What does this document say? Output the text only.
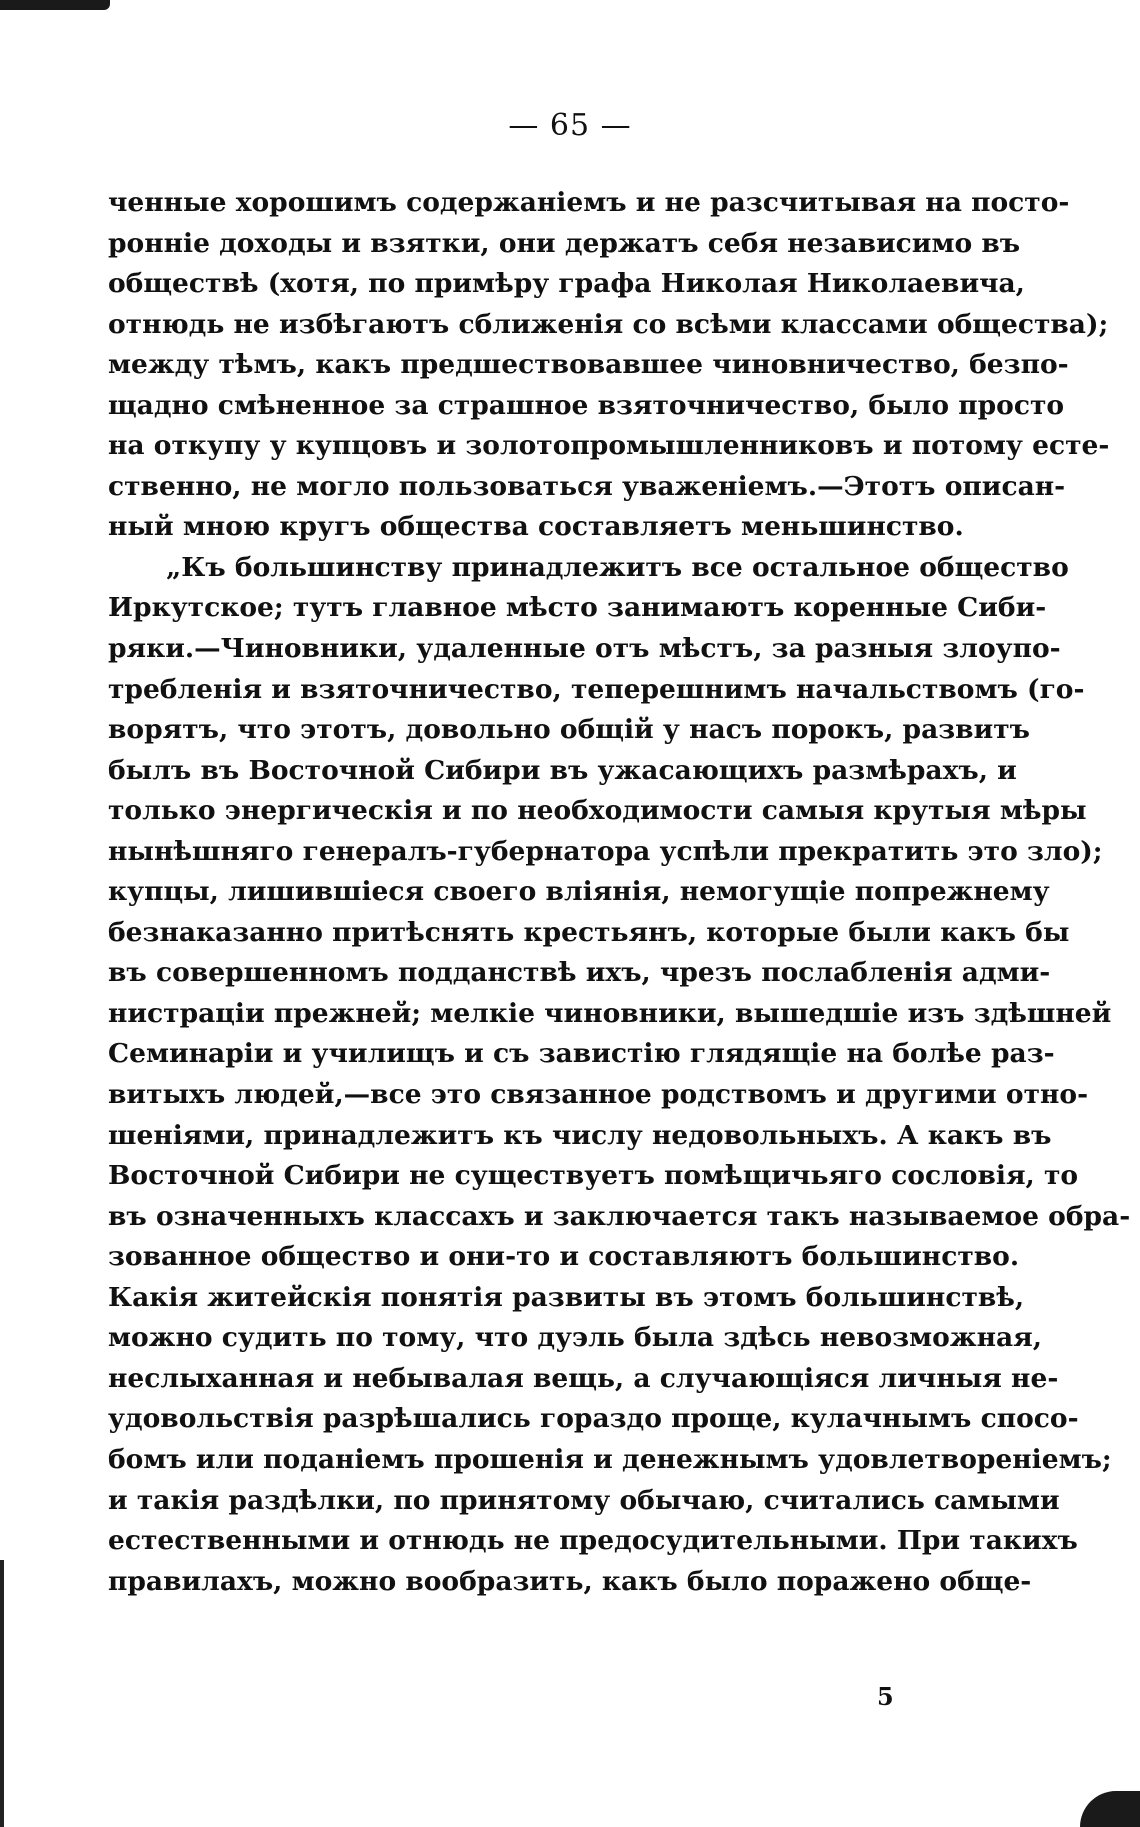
— 65 —
ченные хорошимъ содержаніемъ и не разсчитывая на посто-
ронніе доходы и взятки, они держатъ себя независимо въ
обществѣ (хотя, по примѣру графа Николая Николаевича,
отнюдь не избѣгаютъ сближенія со всѣми классами общества);
между тѣмъ, какъ предшествовавшее чиновничество, безпо-
щадно смѣненное за страшное взяточничество, было просто
на откупу у купцовъ и золотопромышленниковъ и потому есте-
ственно, не могло пользоваться уваженіемъ.—Этотъ описан-
ный мною кругъ общества составляетъ меньшинство.
„Къ большинству принадлежитъ все остальное общество
Иркутское; тутъ главное мѣсто занимаютъ коренные Сиби-
ряки.—Чиновники, удаленные отъ мѣстъ, за разныя злоупо-
требленія и взяточничество, теперешнимъ начальствомъ (го-
ворятъ, что этотъ, довольно общій у насъ порокъ, развитъ
былъ въ Восточной Сибири въ ужасающихъ размѣрахъ, и
только энергическія и по необходимости самыя крутыя мѣры
нынѣшняго генералъ-губернатора успѣли прекратить это зло);
купцы, лишившіеся своего вліянія, немогущіе попрежнему
безнаказанно притѣснять крестьянъ, которые были какъ бы
въ совершенномъ подданствѣ ихъ, чрезъ послабленія адми-
нистраціи прежней; мелкіе чиновники, вышедшіе изъ здѣшней
Семинаріи и училищъ и съ завистію глядящіе на болѣе раз-
витыхъ людей,—все это связанное родствомъ и другими отно-
шеніями, принадлежитъ къ числу недовольныхъ. А какъ въ
Восточной Сибири не существуетъ помѣщичьяго сословія, то
въ означенныхъ классахъ и заключается такъ называемое обра-
зованное общество и они-то и составляютъ большинство.
Какія житейскія понятія развиты въ этомъ большинствѣ,
можно судить по тому, что дуэль была здѣсь невозможная,
неслыханная и небывалая вещь, а случающіяся личныя не-
удовольствія разрѣшались гораздо проще, кулачнымъ спосо-
бомъ или поданіемъ прошенія и денежнымъ удовлетвореніемъ;
и такія раздѣлки, по принятому обычаю, считались самыми
естественными и отнюдь не предосудительными. При такихъ
правилахъ, можно вообразить, какъ было поражено обще-
5
